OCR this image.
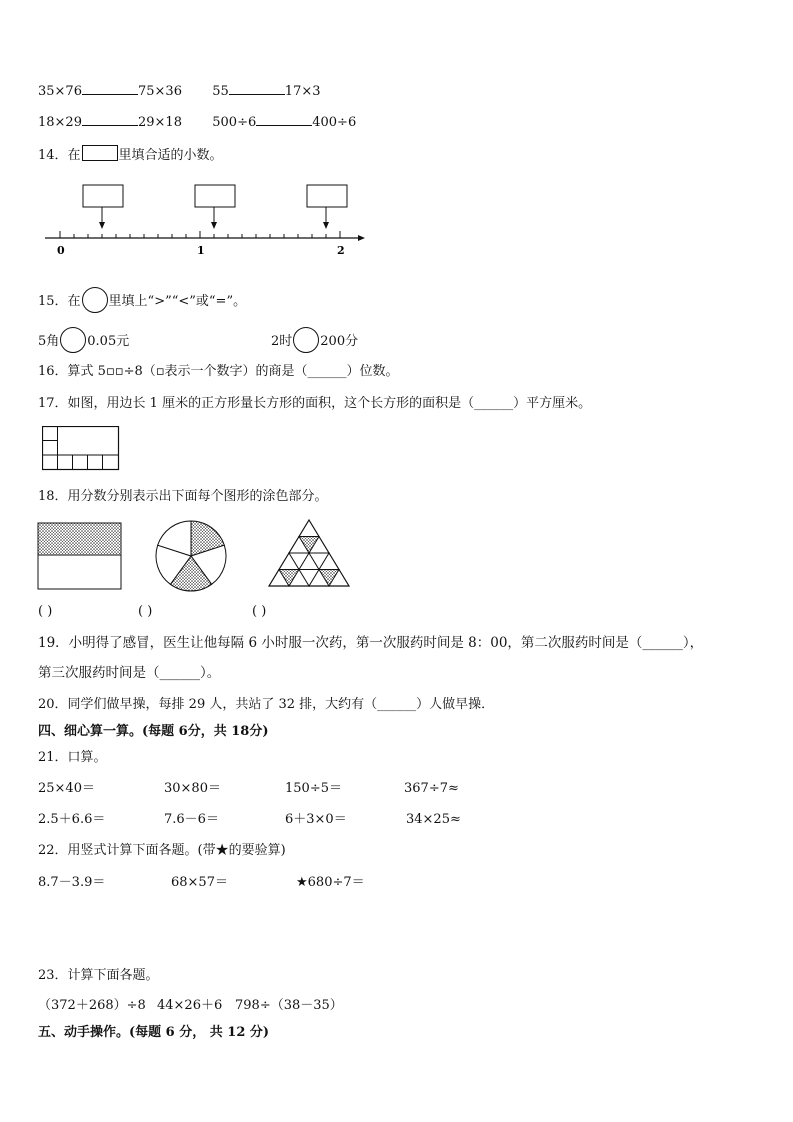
35×76	75×36 55	17×3
18×29	29×18 500÷6	400÷6
14．在	里填合适的小数。
0	1	2
15．在 里填上“>”“<”或“=”。
5角 0.05元	2时 200分
16．算式 5▫▫÷8（▫表示一个数字）的商是（______）位数。
17．如图，用边长 1 厘米的正方形量长方形的面积，这个长方形的面积是（______）平方厘米。
18．用分数分别表示出下面每个图形的涂色部分。
( )	( )	( )
19．小明得了感冒，医生让他每隔 6 小时服一次药，第一次服药时间是 8：00，第二次服药时间是（______），
第三次服药时间是（______）。
20．同学们做早操，每排 29 人，共站了 32 排，大约有（______）人做早操．
四、细心算一算。(每题 6分，共 18分)
21．口算。
25×40＝	30×80＝	150÷5＝	367÷7≈
2.5＋6.6＝	7.6－6＝	6＋3×0＝	34×25≈
22．用竖式计算下面各题。(带★的要验算)
8.7－3.9＝	68×57＝	★680÷7＝
23．计算下面各题。
（372＋268）÷8 44×26＋6 798÷（38－35）
五、动手操作。(每题 6 分， 共 12 分)
